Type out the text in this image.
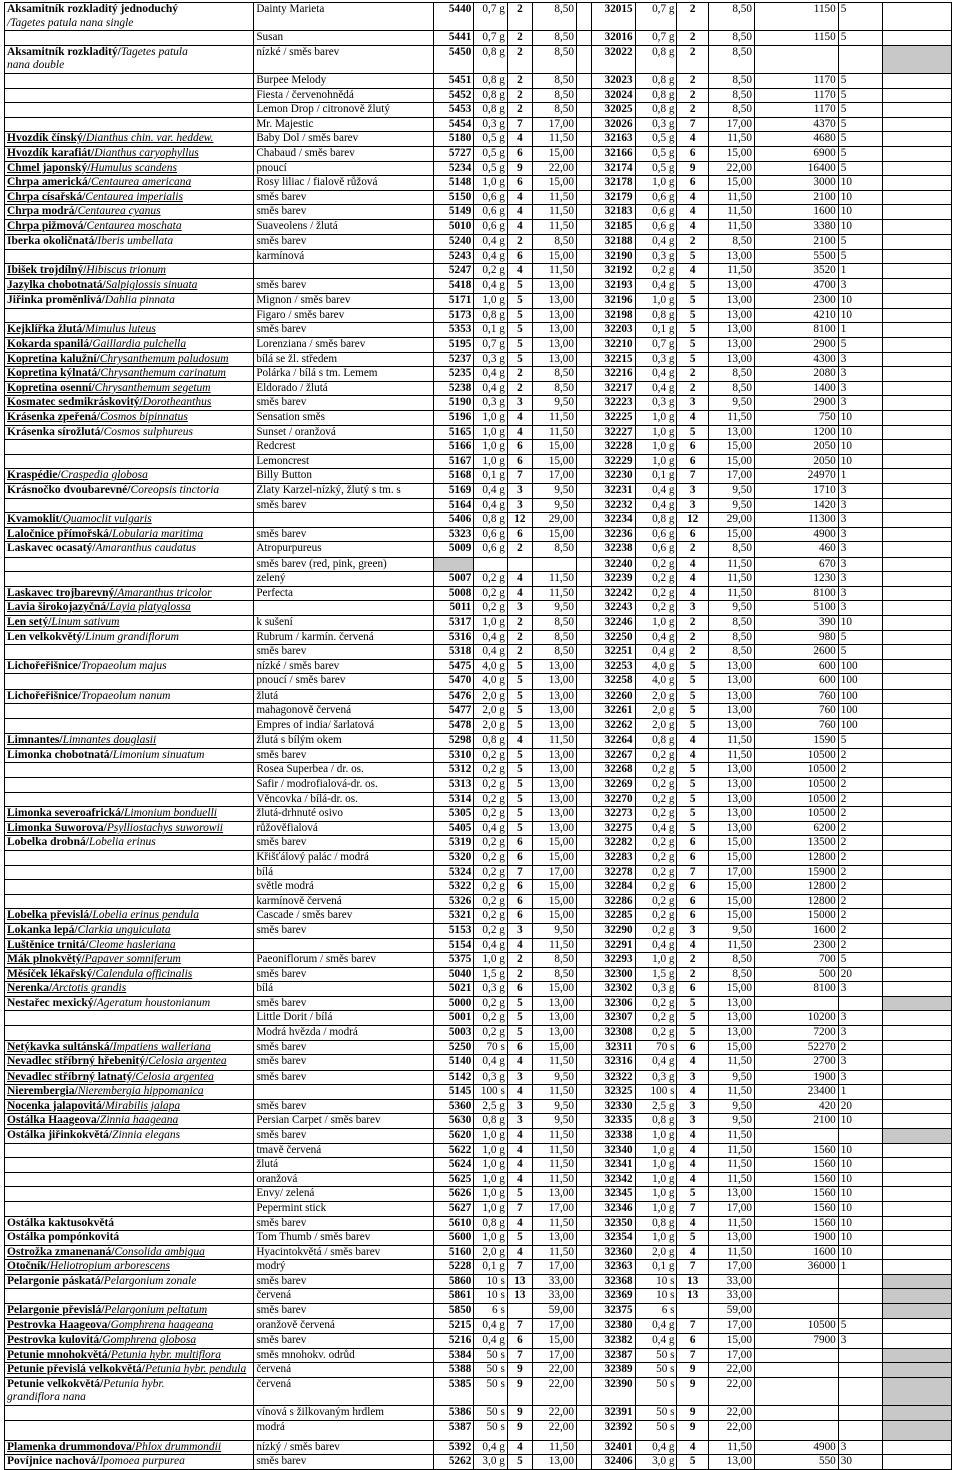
Aksamitník rozkladitý jednoduchý
/Tagetes patula nana single	Dainty Marieta	5440	0,7 g	2	8,50		32015	0,7 g	2	8,50	1150	5	
	Susan	5441	0,7 g	2	8,50		32016	0,7 g	2	8,50	1150	5	
Aksamitník rozkladitý/Tagetes patula
nana double	nízké / směs barev	5450	0,8 g	2	8,50		32022	0,8 g	2	8,50			
	Burpee Melody	5451	0,8 g	2	8,50		32023	0,8 g	2	8,50	1170	5	
	Fiesta / červenohnědá	5452	0,8 g	2	8,50		32024	0,8 g	2	8,50	1170	5	
	Lemon Drop / citronově žlutý	5453	0,8 g	2	8,50		32025	0,8 g	2	8,50	1170	5	
	Mr. Majestic	5454	0,3 g	7	17,00		32026	0,3 g	7	17,00	4370	5	
Hvozdík čínský/Dianthus chin. var. heddew.	Baby Dol / směs barev	5180	0,5 g	4	11,50		32163	0,5 g	4	11,50	4680	5	
Hvozdík karafiát/Dianthus caryophyllus	Chabaud / směs barev	5727	0,5 g	6	15,00		32166	0,5 g	6	15,00	6900	5	
Chmel japonský/Humulus scandens	pnoucí	5234	0,5 g	9	22,00		32174	0,5 g	9	22,00	16400	5	
Chrpa americká/Centaurea americana	Rosy liliac / fialově růžová	5148	1,0 g	6	15,00		32178	1,0 g	6	15,00	3000	10	
Chrpa císařská/Centaurea imperialis	směs barev	5150	0,6 g	4	11,50		32179	0,6 g	4	11,50	2100	10	
Chrpa modrá/Centaurea cyanus	směs barev	5149	0,6 g	4	11,50		32183	0,6 g	4	11,50	1600	10	
Chrpa pižmová/Centaurea moschata	Suaveolens / žlutá	5010	0,6 g	4	11,50		32185	0,6 g	4	11,50	3380	10	
Iberka okoličnatá/Iberis umbellata	směs barev	5240	0,4 g	2	8,50		32188	0,4 g	2	8,50	2100	5	
	karmínová	5243	0,4 g	6	15,00		32190	0,3 g	5	13,00	5500	5	
Ibišek trojdílný/Hibiscus trionum		5247	0,2 g	4	11,50		32192	0,2 g	4	11,50	3520	1	
Jazylka chobotnatá/Salpiglossis sinuata	směs barev	5418	0,4 g	5	13,00		32193	0,4 g	5	13,00	4700	3	
Jiřinka proměnlivá/Dahlia pinnata	Mignon / směs barev	5171	1,0 g	5	13,00		32196	1,0 g	5	13,00	2300	10	
	Figaro / směs barev	5173	0,8 g	5	13,00		32198	0,8 g	5	13,00	4210	10	
Kejklířka žlutá/Mimulus luteus	směs barev	5353	0,1 g	5	13,00		32203	0,1 g	5	13,00	8100	1	
Kokarda spanilá/Gaillardia pulchella	Lorenziana / směs barev	5195	0,7 g	5	13,00		32210	0,7 g	5	13,00	2900	5	
Kopretina kalužní/Chrysanthemum paludosum	bílá se žl. středem	5237	0,3 g	5	13,00		32215	0,3 g	5	13,00	4300	3	
Kopretina kýlnatá/Chrysanthemum carinatum	Polárka / bílá s tm. Lemem	5235	0,4 g	2	8,50		32216	0,4 g	2	8,50	2080	3	
Kopretina osenní/Chrysanthemum segetum	Eldorado / žlutá	5238	0,4 g	2	8,50		32217	0,4 g	2	8,50	1400	3	
Kosmatec sedmikráskovitý/Dorotheanthus	směs barev	5190	0,3 g	3	9,50		32223	0,3 g	3	9,50	2900	3	
Krásenka zpeřená/Cosmos bipinnatus	Sensation směs	5196	1,0 g	4	11,50		32225	1,0 g	4	11,50	750	10	
Krásenka sírožlutá/Cosmos sulphureus	Sunset / oranžová	5165	1,0 g	4	11,50		32227	1,0 g	5	13,00	1200	10	
	Redcrest	5166	1,0 g	6	15,00		32228	1,0 g	6	15,00	2050	10	
	Lemoncrest	5167	1,0 g	6	15,00		32229	1,0 g	6	15,00	2050	10	
Kraspédie/Craspedia globosa	Billy Button	5168	0,1 g	7	17,00		32230	0,1 g	7	17,00	24970	1	
Krásnočko dvoubarevné/Coreopsis tinctoria	Zlaty Karzel-nízký, žlutý s tm. s	5169	0,4 g	3	9,50		32231	0,4 g	3	9,50	1710	3	
	směs barev	5164	0,4 g	3	9,50		32232	0,4 g	3	9,50	1420	3	
Kvamoklit/Quamoclit vulgaris		5406	0,8 g	12	29,00		32234	0,8 g	12	29,00	11300	3	
Laločnice přímořská/Lobularia maritima	směs barev	5323	0,6 g	6	15,00		32236	0,6 g	6	15,00	4900	3	
Laskavec ocasatý/Amaranthus caudatus	Atropurpureus	5009	0,6 g	2	8,50		32238	0,6 g	2	8,50	460	3	
	směs barev (red, pink, green)						32240	0,2 g	4	11,50	670	3	
	zelený	5007	0,2 g	4	11,50		32239	0,2 g	4	11,50	1230	3	
Laskavec trojbarevný/Amaranthus tricolor	Perfecta	5008	0,2 g	4	11,50		32242	0,2 g	4	11,50	8100	3	
Lavia širokojazyčná/Layia platyglossa		5011	0,2 g	3	9,50		32243	0,2 g	3	9,50	5100	3	
Len setý/Linum sativum	k sušení	5317	1,0 g	2	8,50		32246	1,0 g	2	8,50	390	10	
Len velkokvětý/Linum grandiflorum	Rubrum / karmín. červená	5316	0,4 g	2	8,50		32250	0,4 g	2	8,50	980	5	
	směs barev	5318	0,4 g	2	8,50		32251	0,4 g	2	8,50	2600	5	
Lichořeřišnice/Tropaeolum majus	nízké / směs barev	5475	4,0 g	5	13,00		32253	4,0 g	5	13,00	600	100	
	pnoucí / směs barev	5470	4,0 g	5	13,00		32258	4,0 g	5	13,00	600	100	
Lichořeřišnice/Tropaeolum nanum	žlutá	5476	2,0 g	5	13,00		32260	2,0 g	5	13,00	760	100	
	mahagonově červená	5477	2,0 g	5	13,00		32261	2,0 g	5	13,00	760	100	
	Empres of india/ šarlatová	5478	2,0 g	5	13,00		32262	2,0 g	5	13,00	760	100	
Limnantes/Limnantes douglasii	žlutá s bílým okem	5298	0,8 g	4	11,50		32264	0,8 g	4	11,50	1590	5	
Limonka chobotnatá/Limonium sinuatum	směs barev	5310	0,2 g	5	13,00		32267	0,2 g	4	11,50	10500	2	
	Rosea Superbea / dr. os.	5312	0,2 g	5	13,00		32268	0,2 g	5	13,00	10500	2	
	Safir / modrofialová-dr. os.	5313	0,2 g	5	13,00		32269	0,2 g	5	13,00	10500	2	
	Věncovka / bílá-dr. os.	5314	0,2 g	5	13,00		32270	0,2 g	5	13,00	10500	2	
Limonka severoafrická/Limonium bonduelli	žlutá-drhnuté osivo	5305	0,2 g	5	13,00		32273	0,2 g	5	13,00	10500	2	
Limonka Suworova/Psylliostachys suworowii	růžověfialová	5405	0,4 g	5	13,00		32275	0,4 g	5	13,00	6200	2	
Lobelka drobná/Lobelia erinus	směs barev	5319	0,2 g	6	15,00		32282	0,2 g	6	15,00	13500	2	
	Křišťálový palác / modrá	5320	0,2 g	6	15,00		32283	0,2 g	6	15,00	12800	2	
	bílá	5324	0,2 g	7	17,00		32278	0,2 g	7	17,00	15900	2	
	světle modrá	5322	0,2 g	6	15,00		32284	0,2 g	6	15,00	12800	2	
	karmínově červená	5326	0,2 g	6	15,00		32286	0,2 g	6	15,00	12800	2	
Lobelka převislá/Lobelia erinus pendula	Cascade / směs barev	5321	0,2 g	6	15,00		32285	0,2 g	6	15,00	15000	2	
Lokanka lepá/Clarkia unguiculata	směs barev	5153	0,2 g	3	9,50		32290	0,2 g	3	9,50	1600	2	
Luštěnice trnitá/Cleome hasleriana		5154	0,4 g	4	11,50		32291	0,4 g	4	11,50	2300	2	
Mák plnokvětý/Papaver somniferum	Paeoniflorum / směs barev	5375	1,0 g	2	8,50		32293	1,0 g	2	8,50	700	5	
Měsíček lékařský/Calendula officinalis	směs barev	5040	1,5 g	2	8,50		32300	1,5 g	2	8,50	500	20	
Nerenka/Arctotis grandis	bílá	5021	0,3 g	6	15,00		32302	0,3 g	6	15,00	8100	3	
Nestařec mexický/Ageratum houstonianum	směs barev	5000	0,2 g	5	13,00		32306	0,2 g	5	13,00			
	Little Dorit / bílá	5001	0,2 g	5	13,00		32307	0,2 g	5	13,00	10200	3	
	Modrá hvězda / modrá	5003	0,2 g	5	13,00		32308	0,2 g	5	13,00	7200	3	
Netýkavka sultánská/Impatiens walleriana	směs barev	5250	70 s	6	15,00		32311	70 s	6	15,00	52270	2	
Nevadlec stříbrný hřebenitý/Celosia argentea	směs barev	5140	0,4 g	4	11,50		32316	0,4 g	4	11,50	2700	3	
Nevadlec stříbrný latnatý/Celosia argentea	směs barev	5142	0,3 g	3	9,50		32322	0,3 g	3	9,50	1900	3	
Nierembergia/Nierembergia hippomanica		5145	100 s	4	11,50		32325	100 s	4	11,50	23400	1	
Nocenka jalapovitá/Mirabilis jalapa	směs barev	5360	2,5 g	3	9,50		32330	2,5 g	3	9,50	420	20	
Ostálka Haageova/Zinnia haageana	Persian Carpet / směs barev	5630	0,8 g	3	9,50		32335	0,8 g	3	9,50	2100	10	
Ostálka jiřinkokvětá/Zinnia elegans	směs barev	5620	1,0 g	4	11,50		32338	1,0 g	4	11,50			
	tmavě červená	5622	1,0 g	4	11,50		32340	1,0 g	4	11,50	1560	10	
	žlutá	5624	1,0 g	4	11,50		32341	1,0 g	4	11,50	1560	10	
	oranžová	5625	1,0 g	4	11,50		32342	1,0 g	4	11,50	1560	10	
	Envy/ zelená	5626	1,0 g	5	13,00		32345	1,0 g	5	13,00	1560	10	
	Pepermint stick	5627	1,0 g	7	17,00		32346	1,0 g	7	17,00	1560	10	
Ostálka kaktusokvětá	směs barev	5610	0,8 g	4	11,50		32350	0,8 g	4	11,50	1560	10	
Ostálka pompónkovitá	Tom Thumb / směs barev	5600	1,0 g	5	13,00		32354	1,0 g	5	13,00	1900	10	
Ostrožka zmanenaná/Consolida ambigua	Hyacintokvětá / směs barev	5160	2,0 g	4	11,50		32360	2,0 g	4	11,50	1600	10	
Otočník/Heliotropium arborescens	modrý	5228	0,1 g	7	17,00		32363	0,1 g	7	17,00	36000	1	
Pelargonie páskatá/Pelargonium zonale	směs barev	5860	10 s	13	33,00		32368	10 s	13	33,00			
	červená	5861	10 s	13	33,00		32369	10 s	13	33,00			
Pelargonie převislá/Pelargonium peltatum	směs barev	5850	6 s		59,00		32375	6 s		59,00			
Pestrovka Haageova/Gomphrena haageana	oranžově červená	5215	0,4 g	7	17,00		32380	0,4 g	7	17,00	10500	5	
Pestrovka kulovitá/Gomphrena globosa	směs barev	5216	0,4 g	6	15,00		32382	0,4 g	6	15,00	7900	3	
Petunie mnohokvětá/Petunia hybr. multiflora	směs mnohokv. odrůd	5384	50 s	7	17,00		32387	50 s	7	17,00			
Petunie převislá velkokvětá/Petunia hybr. pendula	červená	5388	50 s	9	22,00		32389	50 s	9	22,00			
Petunie velkokvětá/Petunia hybr.
grandiflora nana	červená	5385	50 s	9	22,00		32390	50 s	9	22,00			
	vínová s žilkovaným hrdlem	5386	50 s	9	22,00		32391	50 s	9	22,00			
	modrá	5387	50 s	9	22,00		32392	50 s	9	22,00			
Plamenka drummondova/Phlox drummondii	nízký / směs barev	5392	0,4 g	4	11,50		32401	0,4 g	4	11,50	4900	3	
Povíjnice nachová/Ipomoea purpurea	směs barev	5262	3,0 g	5	13,00		32406	3,0 g	5	13,00	550	30	
